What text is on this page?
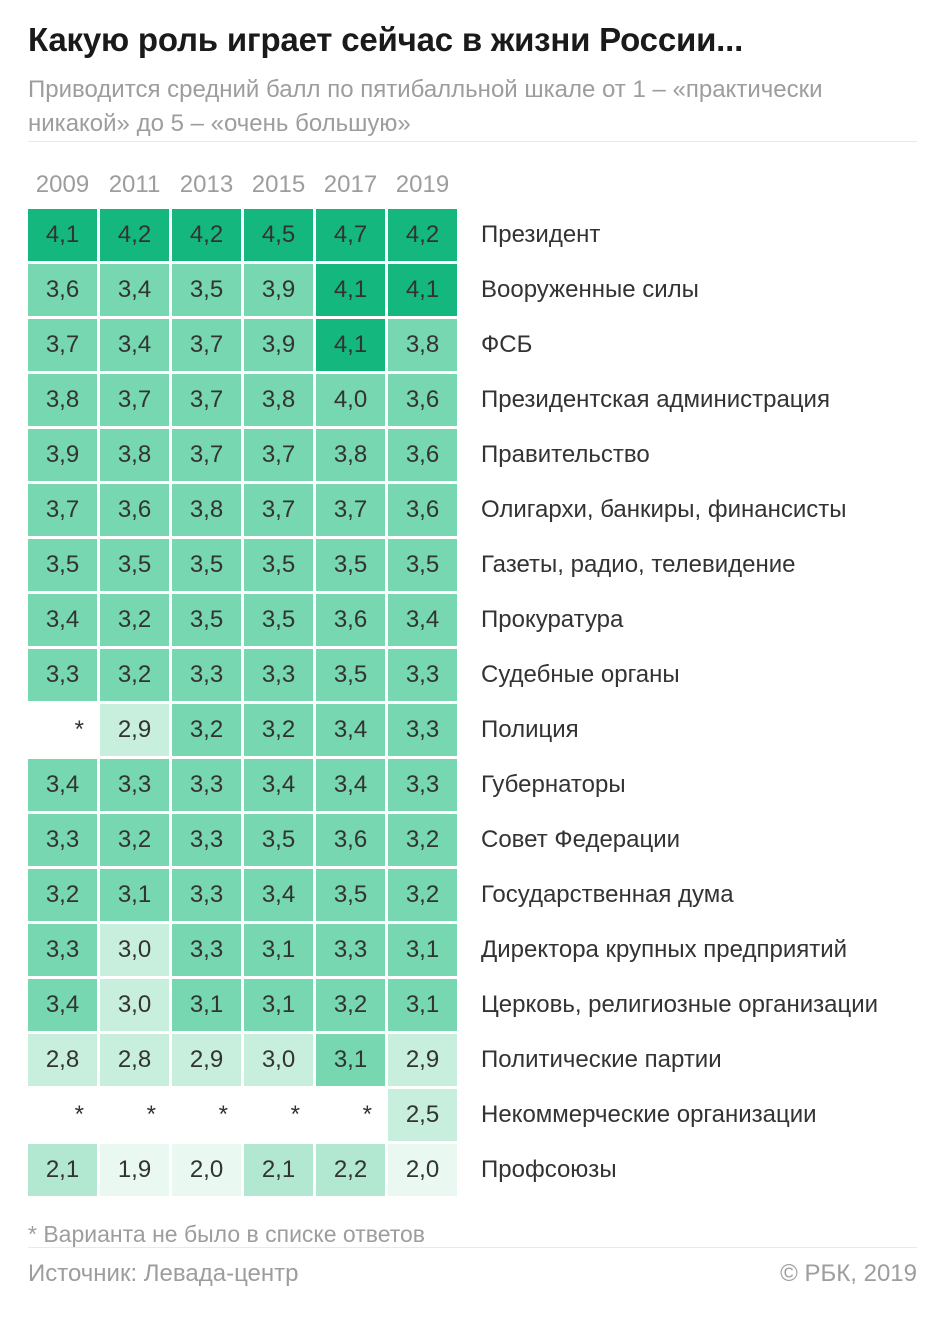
Какую роль играет сейчас в жизни России...

Приводится средний балл по пятибалльной шкале от 1 – «практически никакой» до 5 – «очень большую»

2009 2011 2013 2015 2017 2019
4,1	4,2	4,2	4,5	4,7	4,2	Президент
3,6	3,4	3,5	3,9	4,1	4,1	Вооруженные силы
3,7	3,4	3,7	3,9	4,1	3,8	ФСБ
3,8	3,7	3,7	3,8	4,0	3,6	Президентская администрация
3,9	3,8	3,7	3,7	3,8	3,6	Правительство
3,7	3,6	3,8	3,7	3,7	3,6	Олигархи, банкиры, финансисты
3,5	3,5	3,5	3,5	3,5	3,5	Газеты, радио, телевидение
3,4	3,2	3,5	3,5	3,6	3,4	Прокуратура
3,3	3,2	3,3	3,3	3,5	3,3	Судебные органы
*	2,9	3,2	3,2	3,4	3,3	Полиция
3,4	3,3	3,3	3,4	3,4	3,3	Губернаторы
3,3	3,2	3,3	3,5	3,6	3,2	Совет Федерации
3,2	3,1	3,3	3,4	3,5	3,2	Государственная дума
3,3	3,0	3,3	3,1	3,3	3,1	Директора крупных предприятий
3,4	3,0	3,1	3,1	3,2	3,1	Церковь, религиозные организации
2,8	2,8	2,9	3,0	3,1	2,9	Политические партии
*	*	*	*	*	2,5	Некоммерческие организации
2,1	1,9	2,0	2,1	2,2	2,0	Профсоюзы

* Варианта не было в списке ответов

Источник: Левада-центр	© РБК, 2019
